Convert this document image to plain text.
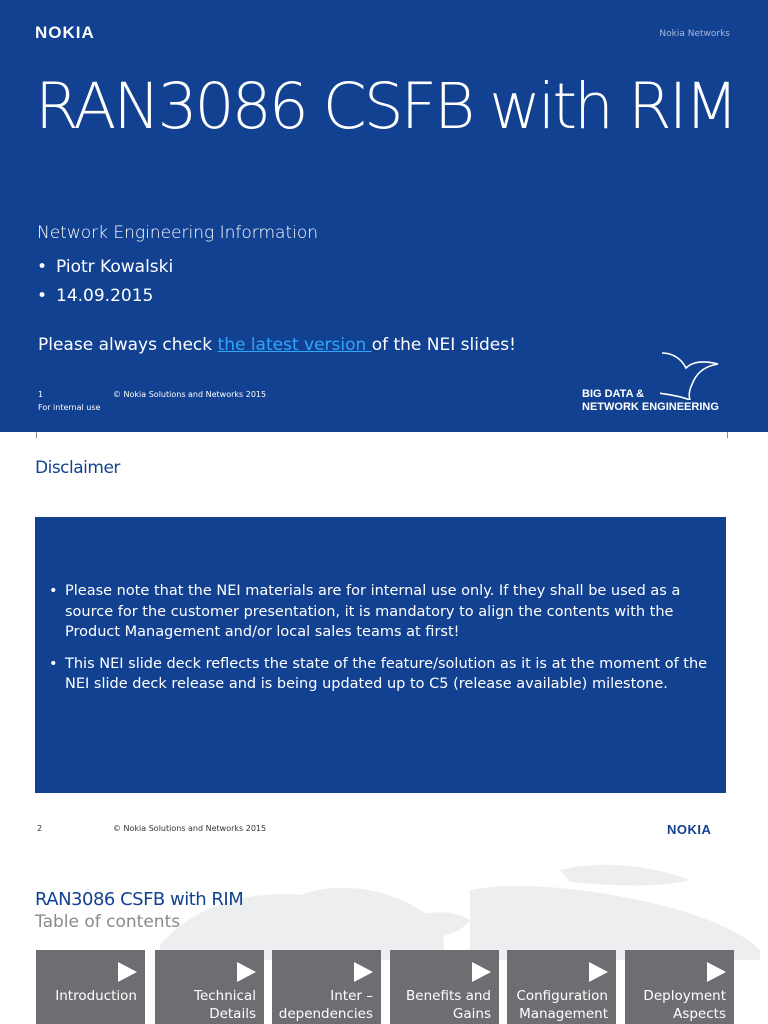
NOKIA	Nokia Networks
RAN3086 CSFB with RIM
Network Engineering Information
• Piotr Kowalski
• 14.09.2015
Please always check the latest version of the NEI slides!
1	© Nokia Solutions and Networks 2015
For internal use
BIG DATA &
NETWORK ENGINEERING
Disclaimer
• Please note that the NEI materials are for internal use only. If they shall be used as a source for the customer presentation, it is mandatory to align the contents with the Product Management and/or local sales teams at first!
• This NEI slide deck reflects the state of the feature/solution as it is at the moment of the NEI slide deck release and is being updated up to C5 (release available) milestone.
2	© Nokia Solutions and Networks 2015	NOKIA
RAN3086 CSFB with RIM
Table of contents
Introduction	Technical
Details
Inter –
dependencies
Benefits and
Gains
Configuration
Management
Deployment
Aspects
